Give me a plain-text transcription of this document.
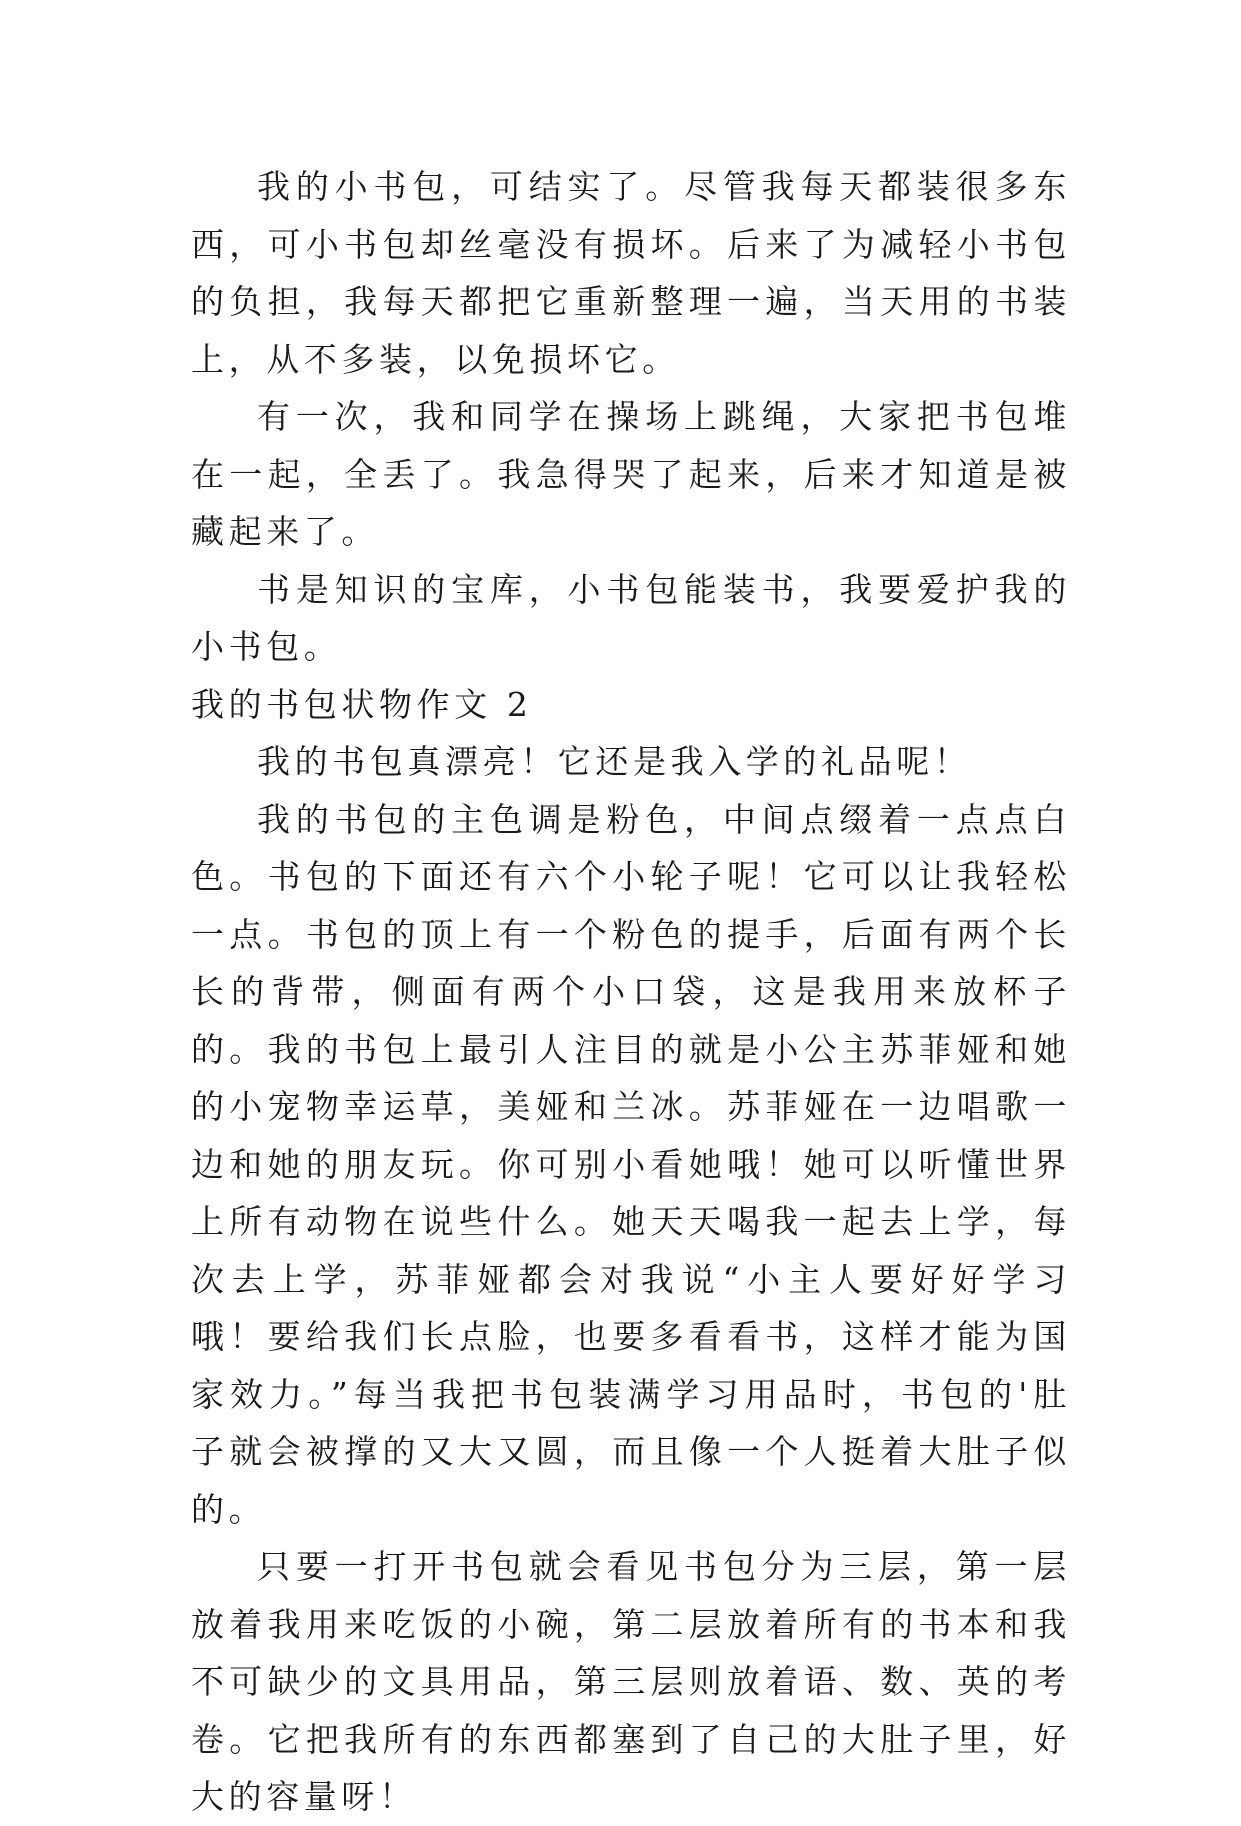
我的小书包，可结实了。尽管我每天都装很多东西，可小书包却丝毫没有损坏。后来了为减轻小书包的负担，我每天都把它重新整理一遍，当天用的书装上，从不多装，以免损坏它。

有一次，我和同学在操场上跳绳，大家把书包堆在一起，全丢了。我急得哭了起来，后来才知道是被藏起来了。

书是知识的宝库，小书包能装书，我要爱护我的小书包。

我的书包状物作文 2

我的书包真漂亮！它还是我入学的礼品呢！

我的书包的主色调是粉色，中间点缀着一点点白色。书包的下面还有六个小轮子呢！它可以让我轻松一点。书包的顶上有一个粉色的提手，后面有两个长长的背带，侧面有两个小口袋，这是我用来放杯子的。我的书包上最引人注目的就是小公主苏菲娅和她的小宠物幸运草，美娅和兰冰。苏菲娅在一边唱歌一边和她的朋友玩。你可别小看她哦！她可以听懂世界上所有动物在说些什么。她天天喝我一起去上学，每次去上学，苏菲娅都会对我说“小主人要好好学习哦！要给我们长点脸，也要多看看书，这样才能为国家效力。”每当我把书包装满学习用品时，书包的'肚子就会被撑的又大又圆，而且像一个人挺着大肚子似的。

只要一打开书包就会看见书包分为三层，第一层放着我用来吃饭的小碗，第二层放着所有的书本和我不可缺少的文具用品，第三层则放着语、数、英的考卷。它把我所有的东西都塞到了自己的大肚子里，好大的容量呀！
